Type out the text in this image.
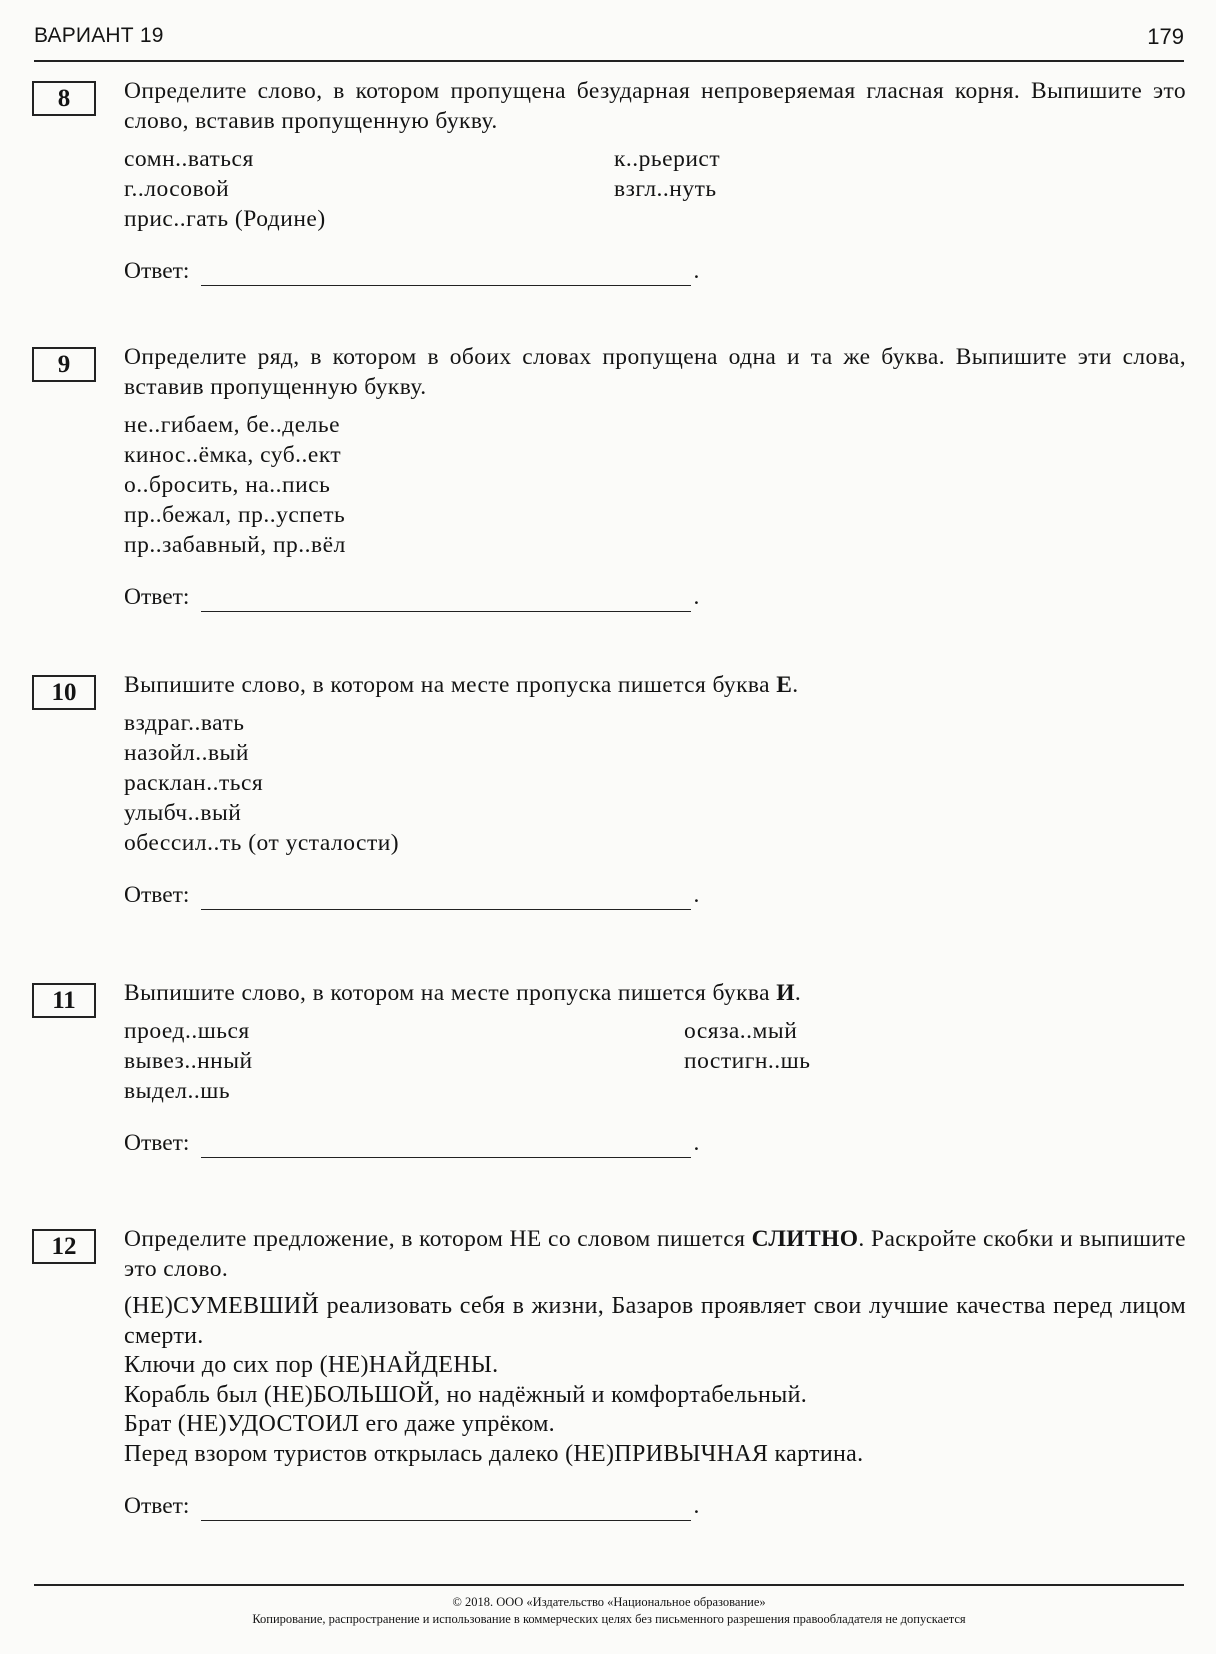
ВАРИАНТ 19	179
8	Определите слово, в котором пропущена безударная непроверяемая гласная корня. Выпишите это слово, вставив пропущенную букву.
сомн..ваться
г..лосовой
прис..гать (Родине)
к..рьерист
взгл..нуть
Ответ:	.
9	Определите ряд, в котором в обоих словах пропущена одна и та же буква. Выпишите эти слова, вставив пропущенную букву.
не..гибаем, бе..делье
кинос..ёмка, суб..ект
о..бросить, на..пись
пр..бежал, пр..успеть
пр..забавный, пр..вёл
Ответ:	.
10	Выпишите слово, в котором на месте пропуска пишется буква Е.
вздраг..вать
назойл..вый
расклан..ться
улыбч..вый
обессил..ть (от усталости)
Ответ:	.
11	Выпишите слово, в котором на месте пропуска пишется буква И.
проед..шься
вывез..нный
выдел..шь
осяза..мый
постигн..шь
Ответ:	.
12	Определите предложение, в котором НЕ со словом пишется СЛИТНО. Раскройте скобки и выпишите это слово.
(НЕ)СУМЕВШИЙ реализовать себя в жизни, Базаров проявляет свои лучшие качества перед лицом смерти.
Ключи до сих пор (НЕ)НАЙДЕНЫ.
Корабль был (НЕ)БОЛЬШОЙ, но надёжный и комфортабельный.
Брат (НЕ)УДОСТОИЛ его даже упрёком.
Перед взором туристов открылась далеко (НЕ)ПРИВЫЧНАЯ картина.
Ответ:	.
© 2018. ООО «Издательство «Национальное образование»
Копирование, распространение и использование в коммерческих целях без письменного разрешения правообладателя не допускается
